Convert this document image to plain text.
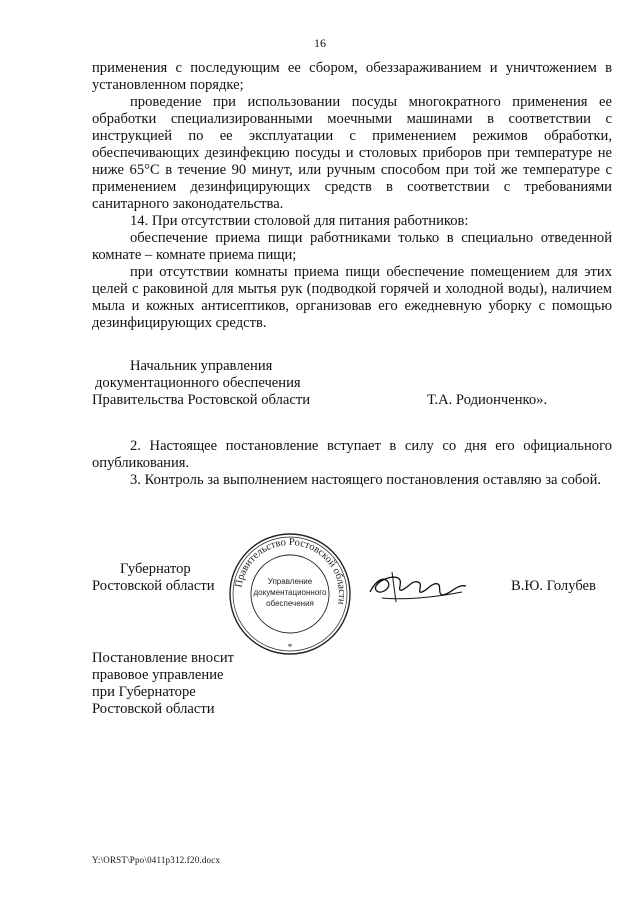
16

применения с последующим ее сбором, обеззараживанием и уничтожением в установленном порядке;

проведение при использовании посуды многократного применения ее обработки специализированными моечными машинами в соответствии с инструкцией по ее эксплуатации с применением режимов обработки, обеспечивающих дезинфекцию посуды и столовых приборов при температуре не ниже 65°С в течение 90 минут, или ручным способом при той же температуре с применением дезинфицирующих средств в соответствии с требованиями санитарного законодательства.

14. При отсутствии столовой для питания работников:

обеспечение приема пищи работниками только в специально отведенной комнате – комнате приема пищи;

при отсутствии комнаты приема пищи обеспечение помещением для этих целей с раковиной для мытья рук (подводкой горячей и холодной воды), наличием мыла и кожных антисептиков, организовав его ежедневную уборку с помощью дезинфицирующих средств.

Начальник управления
документационного обеспечения
Правительства Ростовской области	Т.А. Родионченко».
2. Настоящее постановление вступает в силу со дня его официального опубликования.
3. Контроль за выполнением настоящего постановления оставляю за собой.
Губернатор
Ростовской области	В.Ю. Голубев
Правительство Ростовской области
Управление
документационного
обеспечения
*
Постановление вносит
правовое управление
при Губернаторе
Ростовской области
Y:\ORST\Ppo\0411p312.f20.docx
